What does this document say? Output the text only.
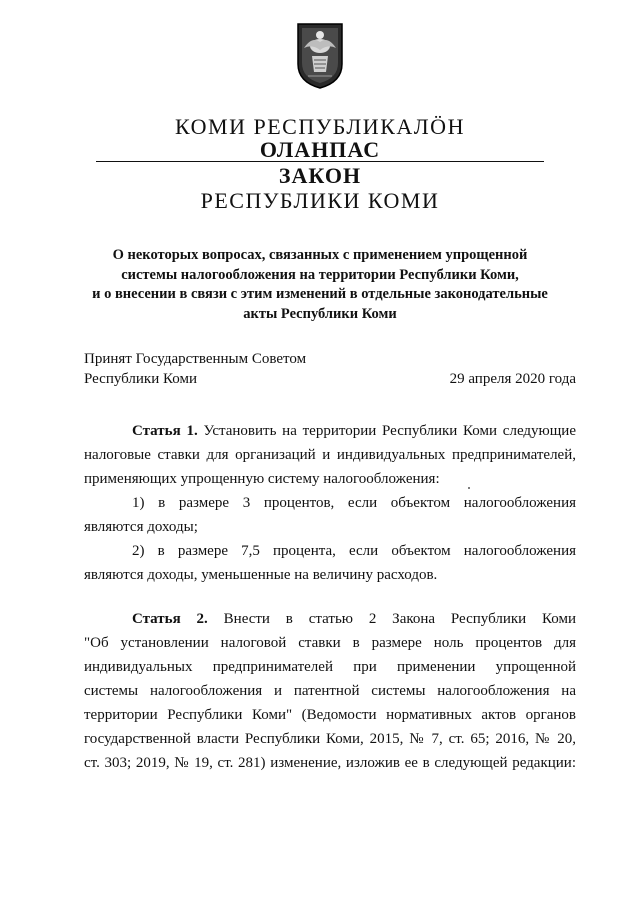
КОМИ РЕСПУБЛИКАЛÖН
ОЛАНПАС
ЗАКОН
РЕСПУБЛИКИ КОМИ
О некоторых вопросах, связанных с применением упрощенной
системы налогообложения на территории Республики Коми,
и о внесении в связи с этим изменений в отдельные законодательные
акты Республики Коми
Принят Государственным Советом
Республики Коми	29 апреля 2020 года
Статья 1. Установить на территории Республики Коми следующие
налоговые ставки для организаций и индивидуальных предпринимателей,
применяющих упрощенную систему налогообложения:
1) в размере 3 процентов, если объектом налогообложения
являются доходы;
2) в размере 7,5 процента, если объектом налогообложения
являются доходы, уменьшенные на величину расходов.
Статья 2. Внести в статью 2 Закона Республики Коми
"Об установлении налоговой ставки в размере ноль процентов для
индивидуальных предпринимателей при применении упрощенной
системы налогообложения и патентной системы налогообложения на
территории Республики Коми" (Ведомости нормативных актов органов
государственной власти Республики Коми, 2015, № 7, ст. 65; 2016, № 20,
ст. 303; 2019, № 19, ст. 281) изменение, изложив ее в следующей редакции:
